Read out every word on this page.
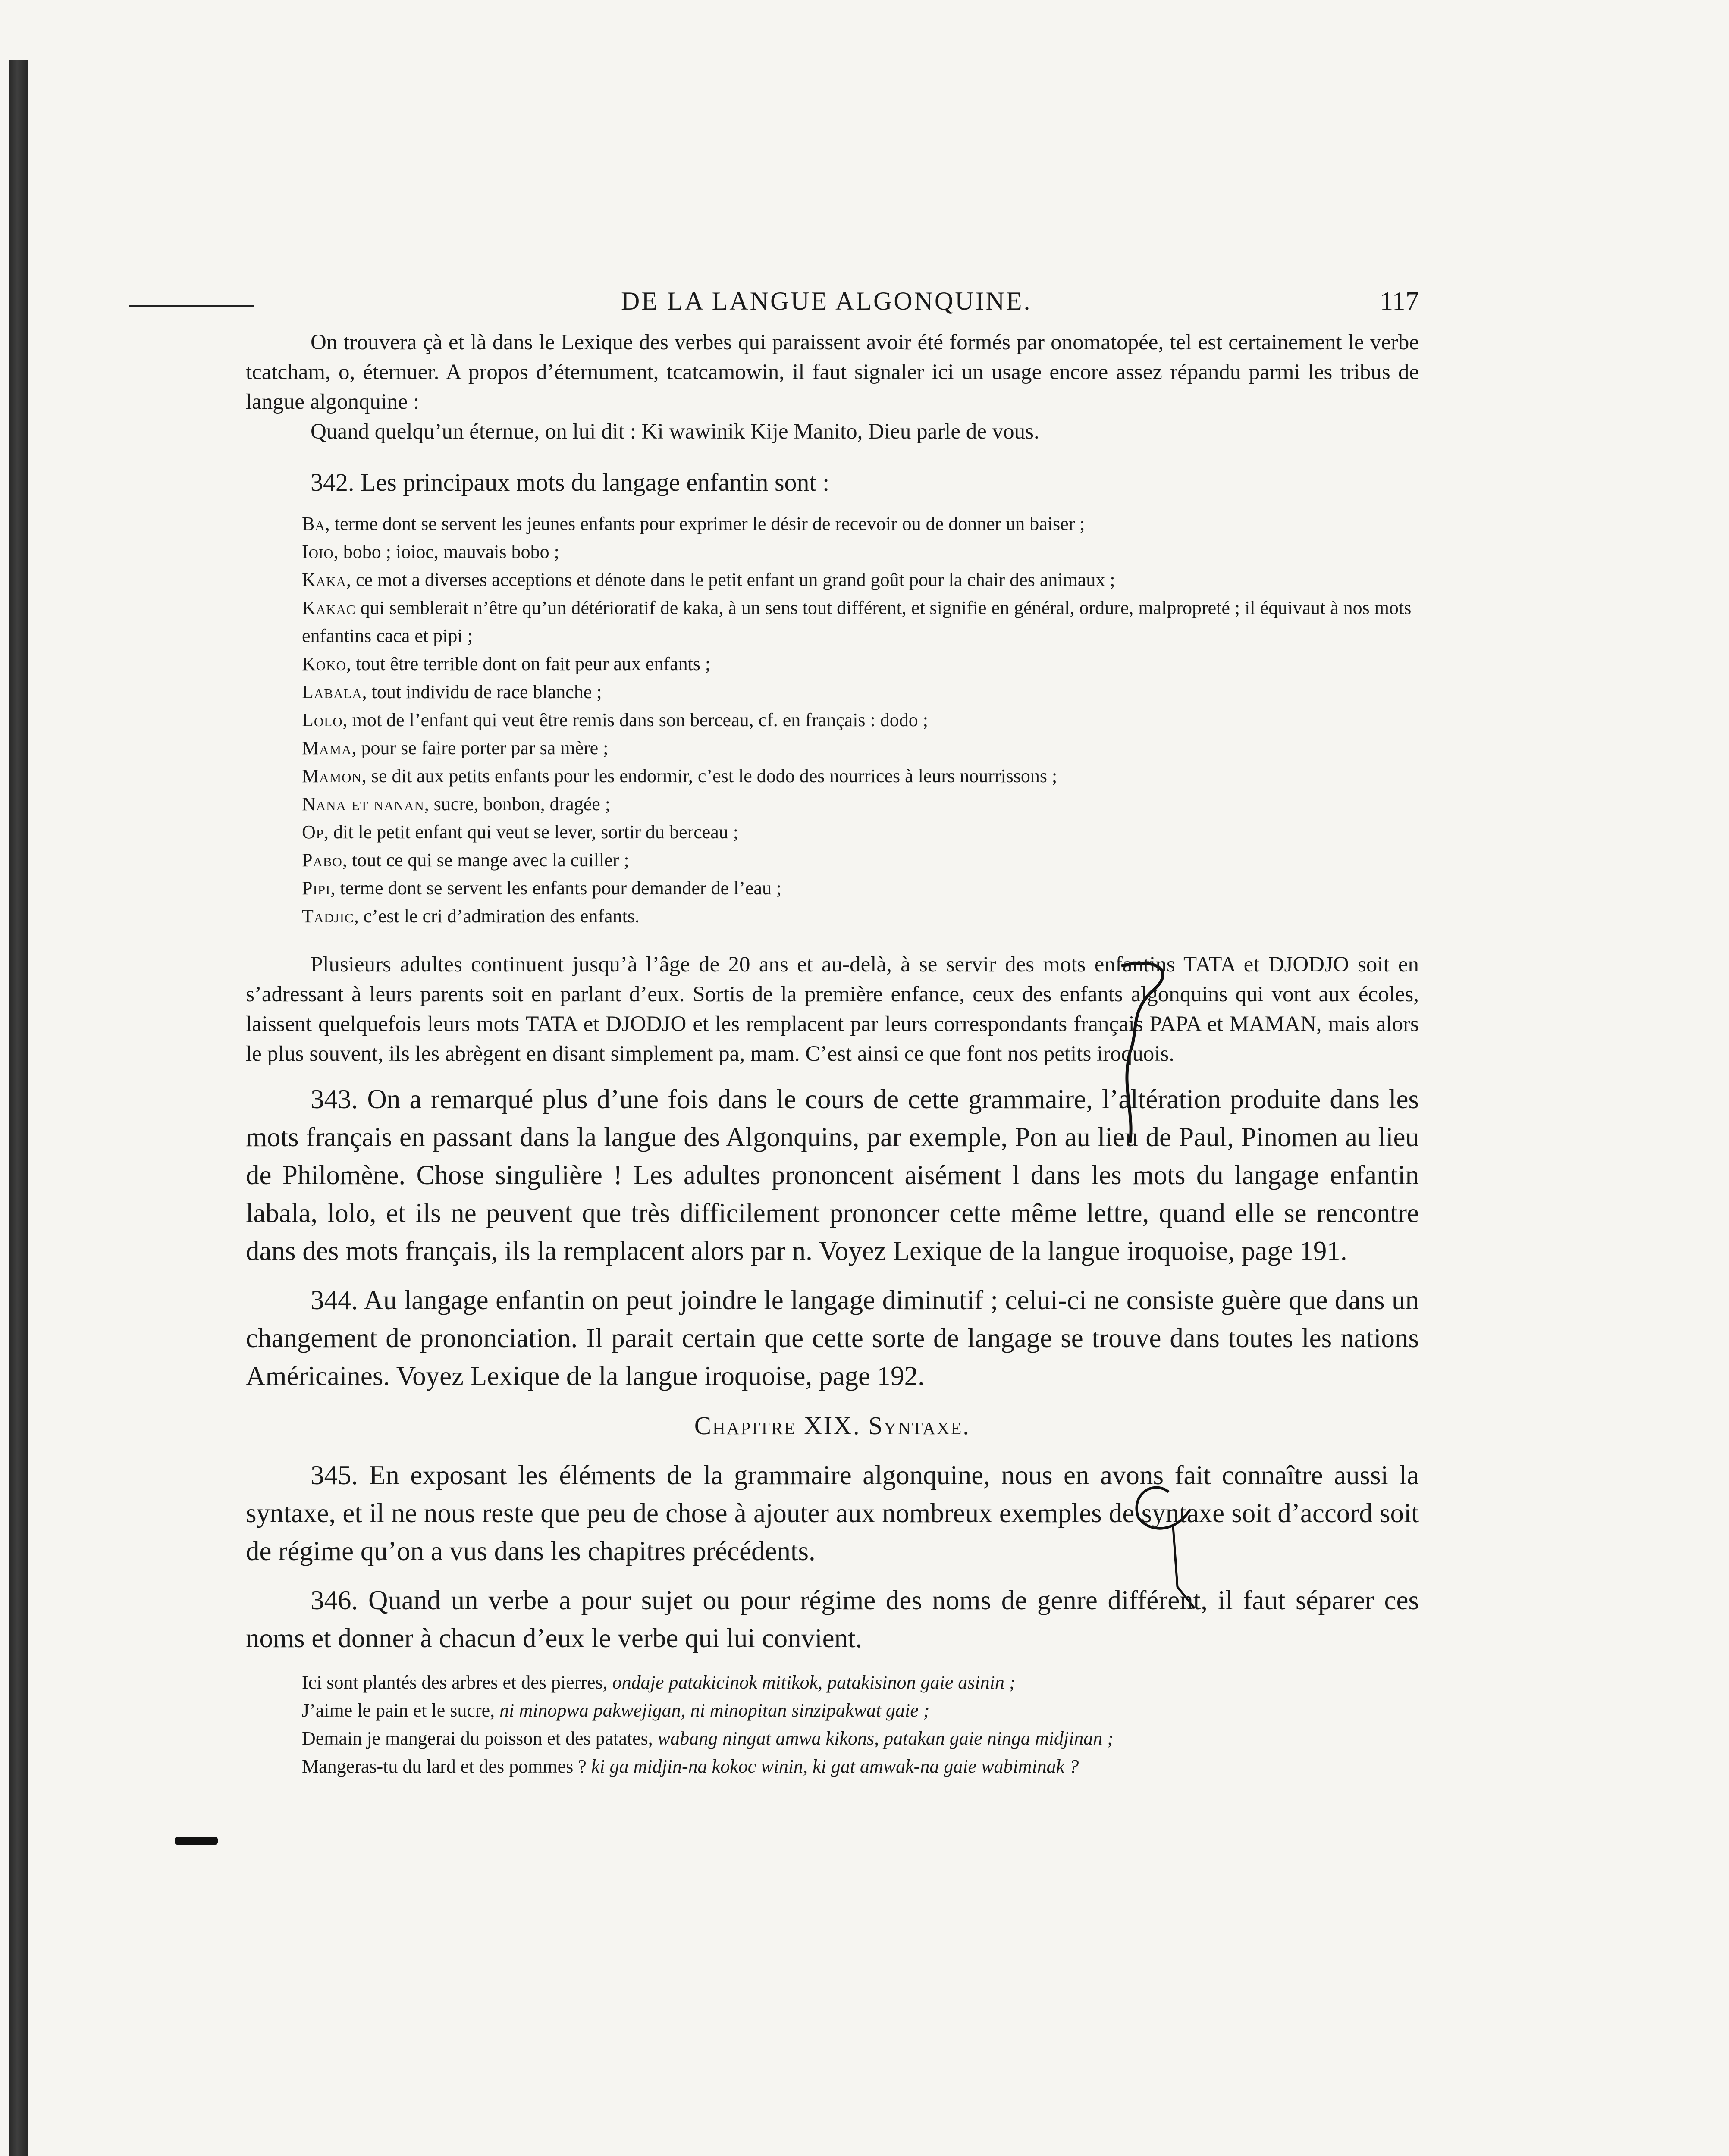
DE LA LANGUE ALGONQUINE.	117

On trouvera çà et là dans le Lexique des verbes qui paraissent avoir été formés par onomatopée, tel est certainement le verbe tcatcham, o, éternuer. A propos d’éternument, tcatcamowin, il faut signaler ici un usage encore assez répandu parmi les tribus de langue algonquine :

Quand quelqu’un éternue, on lui dit : Ki wawinik Kije Manito, Dieu parle de vous.

342. Les principaux mots du langage enfantin sont :

Ba, terme dont se servent les jeunes enfants pour exprimer le désir de recevoir ou de donner un baiser ;
Ioio, bobo ; ioioc, mauvais bobo ;
Kaka, ce mot a diverses acceptions et dénote dans le petit enfant un grand goût pour la chair des animaux ;
Kakac qui semblerait n’être qu’un détérioratif de kaka, à un sens tout différent, et signifie en général, ordure, malpropreté ; il équivaut à nos mots enfantins caca et pipi ;
Koko, tout être terrible dont on fait peur aux enfants ;
Labala, tout individu de race blanche ;
Lolo, mot de l’enfant qui veut être remis dans son berceau, cf. en français : dodo ;
Mama, pour se faire porter par sa mère ;
Mamon, se dit aux petits enfants pour les endormir, c’est le dodo des nourrices à leurs nourrissons ;
Nana et nanan, sucre, bonbon, dragée ;
Op, dit le petit enfant qui veut se lever, sortir du berceau ;
Pabo, tout ce qui se mange avec la cuiller ;
Pipi, terme dont se servent les enfants pour demander de l’eau ;
Tadjic, c’est le cri d’admiration des enfants.

Plusieurs adultes continuent jusqu’à l’âge de 20 ans et au-delà, à se servir des mots enfantins TATA et DJODJO soit en s’adressant à leurs parents soit en parlant d’eux. Sortis de la première enfance, ceux des enfants algonquins qui vont aux écoles, laissent quelquefois leurs mots TATA et DJODJO et les remplacent par leurs correspondants français PAPA et MAMAN, mais alors le plus souvent, ils les abrègent en disant simplement pa, mam. C’est ainsi ce que font nos petits iroquois.

343. On a remarqué plus d’une fois dans le cours de cette grammaire, l’altération produite dans les mots français en passant dans la langue des Algonquins, par exemple, Pon au lieu de Paul, Pinomen au lieu de Philomène. Chose singulière ! Les adultes prononcent aisément l dans les mots du langage enfantin labala, lolo, et ils ne peuvent que très difficilement prononcer cette même lettre, quand elle se rencontre dans des mots français, ils la remplacent alors par n. Voyez Lexique de la langue iroquoise, page 191.

344. Au langage enfantin on peut joindre le langage diminutif ; celui-ci ne consiste guère que dans un changement de prononciation. Il parait certain que cette sorte de langage se trouve dans toutes les nations Américaines. Voyez Lexique de la langue iroquoise, page 192.

Chapitre XIX. Syntaxe.

345. En exposant les éléments de la grammaire algonquine, nous en avons fait connaître aussi la syntaxe, et il ne nous reste que peu de chose à ajouter aux nombreux exemples de syntaxe soit d’accord soit de régime qu’on a vus dans les chapitres précédents.

346. Quand un verbe a pour sujet ou pour régime des noms de genre différent, il faut séparer ces noms et donner à chacun d’eux le verbe qui lui convient.

Ici sont plantés des arbres et des pierres, ondaje patakicinok mitikok, patakisinon gaie asinin ;
J’aime le pain et le sucre, ni minopwa pakwejigan, ni minopitan sinzipakwat gaie ;
Demain je mangerai du poisson et des patates, wabang ningat amwa kikons, patakan gaie ninga midjinan ;
Mangeras-tu du lard et des pommes ? ki ga midjin-na kokoc winin, ki gat amwak-na gaie wabiminak ?
